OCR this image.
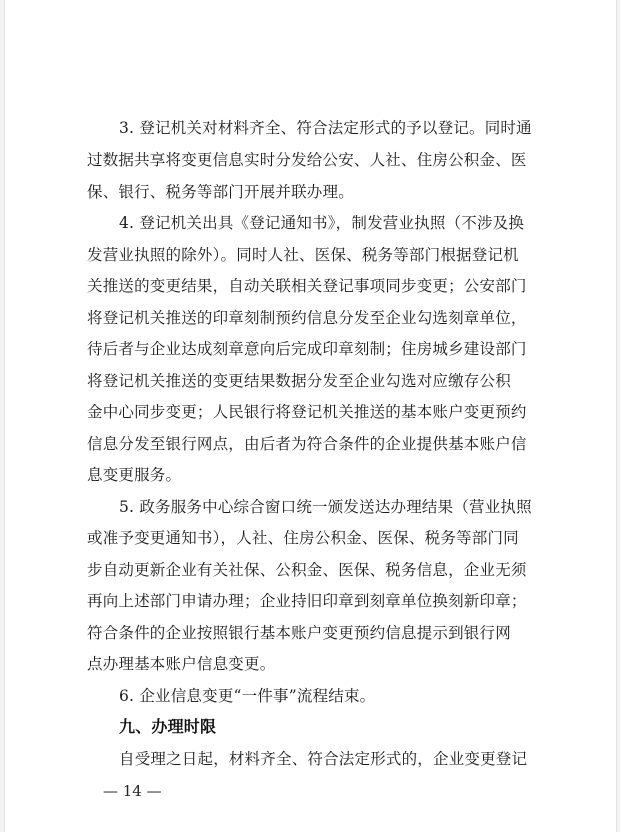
3. 登记机关对材料齐全、符合法定形式的予以登记。同时通
过数据共享将变更信息实时分发给公安、人社、住房公积金、医
保、银行、税务等部门开展并联办理。
4. 登记机关出具《登记通知书》，制发营业执照（不涉及换
发营业执照的除外）。同时人社、医保、税务等部门根据登记机
关推送的变更结果，自动关联相关登记事项同步变更；公安部门
将登记机关推送的印章刻制预约信息分发至企业勾选刻章单位，
待后者与企业达成刻章意向后完成印章刻制；住房城乡建设部门
将登记机关推送的变更结果数据分发至企业勾选对应缴存公积
金中心同步变更；人民银行将登记机关推送的基本账户变更预约
信息分发至银行网点，由后者为符合条件的企业提供基本账户信
息变更服务。
5. 政务服务中心综合窗口统一颁发送达办理结果（营业执照
或准予变更通知书），人社、住房公积金、医保、税务等部门同
步自动更新企业有关社保、公积金、医保、税务信息，企业无须
再向上述部门申请办理；企业持旧印章到刻章单位换刻新印章；
符合条件的企业按照银行基本账户变更预约信息提示到银行网
点办理基本账户信息变更。
6. 企业信息变更“一件事”流程结束。
九、办理时限
自受理之日起，材料齐全、符合法定形式的，企业变更登记
— 14 —
